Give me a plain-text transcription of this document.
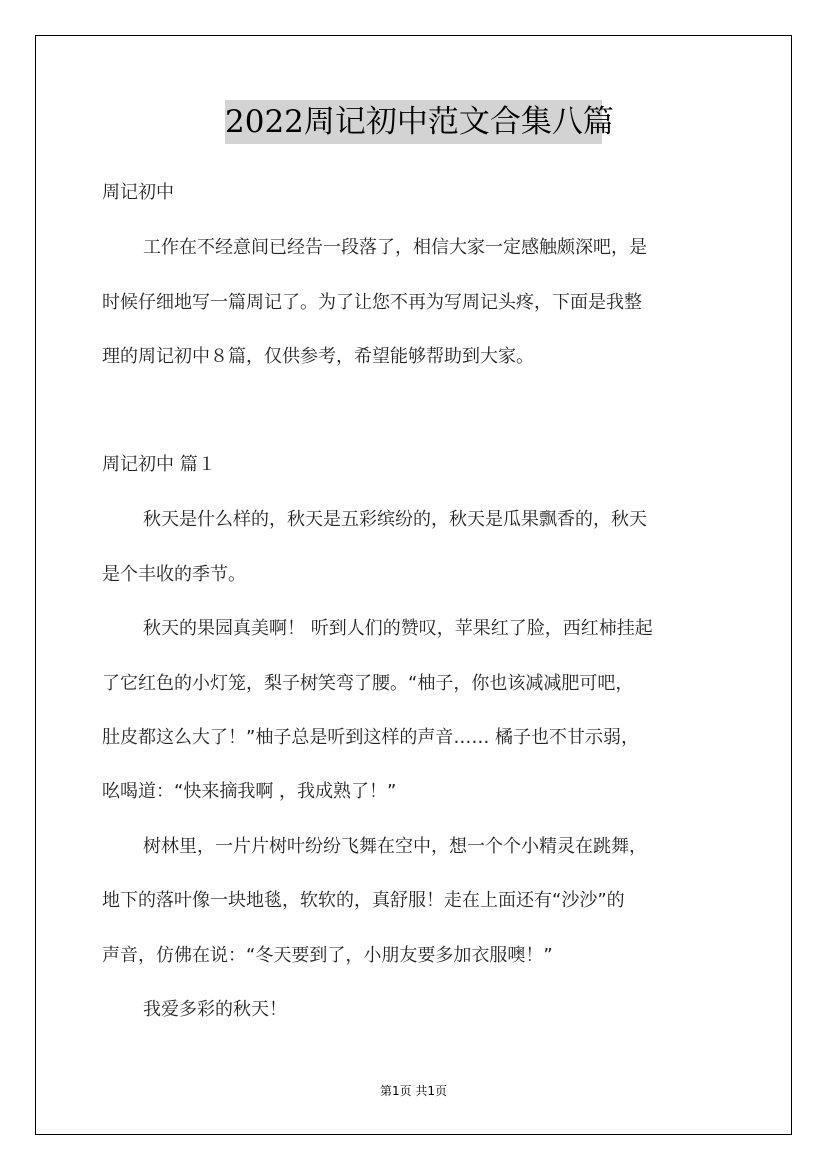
2022周记初中范文合集八篇
周记初中
工作在不经意间已经告一段落了，相信大家一定感触颇深吧，是
时候仔细地写一篇周记了。为了让您不再为写周记头疼，下面是我整
理的周记初中８篇，仅供参考，希望能够帮助到大家。
周记初中 篇１
秋天是什么样的，秋天是五彩缤纷的，秋天是瓜果飘香的，秋天
是个丰收的季节。
秋天的果园真美啊！ 听到人们的赞叹，苹果红了脸，西红柿挂起
了它红色的小灯笼，梨子树笑弯了腰。“柚子，你也该减减肥可吧，
肚皮都这么大了！”柚子总是听到这样的声音…… 橘子也不甘示弱，
吆喝道：“快来摘我啊 ，我成熟了！”
树林里，一片片树叶纷纷飞舞在空中，想一个个小精灵在跳舞，
地下的落叶像一块地毯，软软的，真舒服！走在上面还有“沙沙”的
声音，仿佛在说：“冬天要到了，小朋友要多加衣服噢！”
我爱多彩的秋天！
第1页 共1页
